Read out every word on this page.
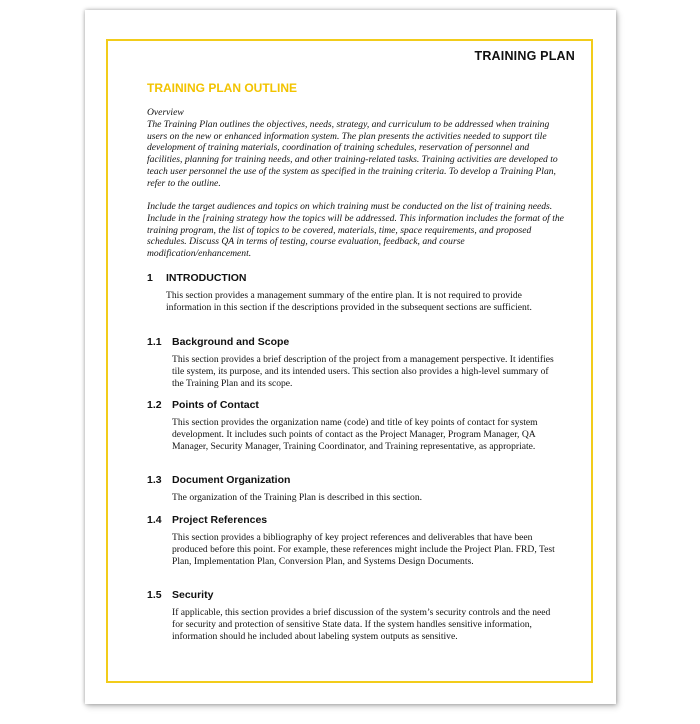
TRAINING PLAN
TRAINING PLAN OUTLINE
Overview
The Training Plan outlines the objectives, needs, strategy, and curriculum to be addressed when training users on the new or enhanced information system. The plan presents the activities needed to support tile development of training materials, coordination of training schedules, reservation of personnel and facilities, planning for training needs, and other training-related tasks. Training activities are developed to teach user personnel the use of the system as specified in the training criteria. To develop a Training Plan, refer to the outline.

Include the target audiences and topics on which training must be conducted on the list of training needs. Include in the [raining strategy how the topics will be addressed. This information includes the format of the training program, the list of topics to be covered, materials, time, space requirements, and proposed schedules. Discuss QA in terms of testing, course evaluation, feedback, and course modification/enhancement.

1 INTRODUCTION

This section provides a management summary of the entire plan. It is not required to provide information in this section if the descriptions provided in the subsequent sections are sufficient.

1.1 Background and Scope

This section provides a brief description of the project from a management perspective. It identifies tile system, its purpose, and its intended users. This section also provides a high-level summary of the Training Plan and its scope.

1.2 Points of Contact

This section provides the organization name (code) and title of key points of contact for system development. It includes such points of contact as the Project Manager, Program Manager, QA Manager, Security Manager, Training Coordinator, and Training representative, as appropriate.

1.3 Document Organization

The organization of the Training Plan is described in this section.

1.4 Project References

This section provides a bibliography of key project references and deliverables that have been produced before this point. For example, these references might include the Project Plan. FRD, Test Plan, Implementation Plan, Conversion Plan, and Systems Design Documents.

1.5 Security

If applicable, this section provides a brief discussion of the system’s security controls and the need for security and protection of sensitive State data. If the system handles sensitive information, information should he included about labeling system outputs as sensitive.
